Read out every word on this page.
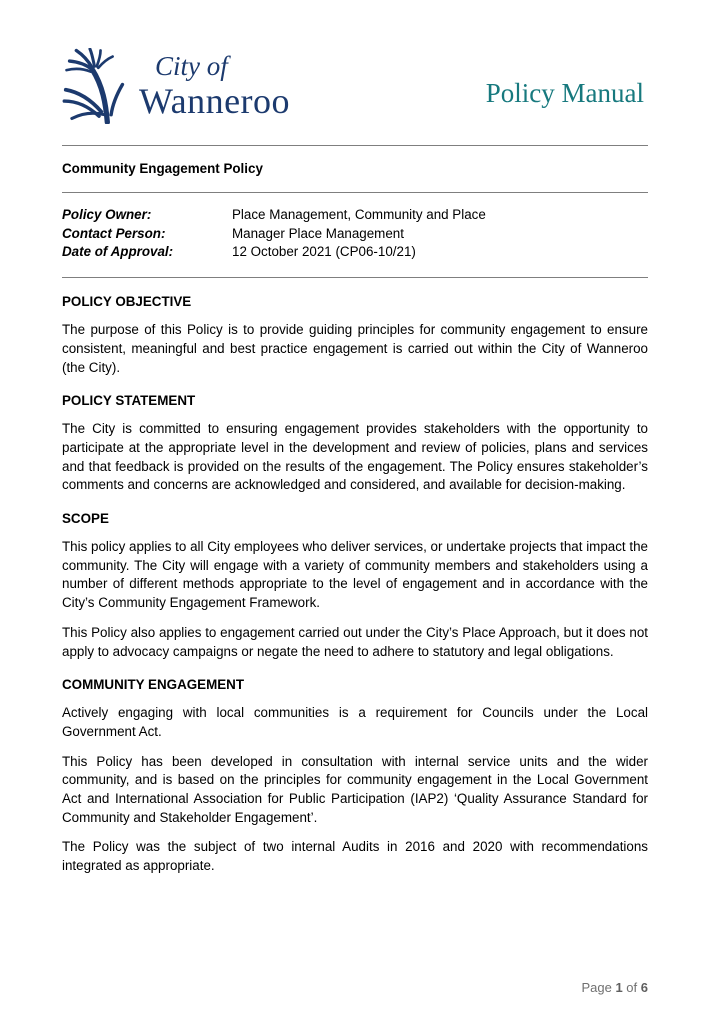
City of
Wanneroo	Policy Manual
Community Engagement Policy
Policy Owner:	Place Management, Community and Place
Contact Person:	Manager Place Management
Date of Approval:	12 October 2021 (CP06-10/21)
POLICY OBJECTIVE

The purpose of this Policy is to provide guiding principles for community engagement to ensure consistent, meaningful and best practice engagement is carried out within the City of Wanneroo (the City).

POLICY STATEMENT

The City is committed to ensuring engagement provides stakeholders with the opportunity to participate at the appropriate level in the development and review of policies, plans and services and that feedback is provided on the results of the engagement. The Policy ensures stakeholder’s comments and concerns are acknowledged and considered, and available for decision-making.

SCOPE

This policy applies to all City employees who deliver services, or undertake projects that impact the community. The City will engage with a variety of community members and stakeholders using a number of different methods appropriate to the level of engagement and in accordance with the City’s Community Engagement Framework.

This Policy also applies to engagement carried out under the City’s Place Approach, but it does not apply to advocacy campaigns or negate the need to adhere to statutory and legal obligations.

COMMUNITY ENGAGEMENT

Actively engaging with local communities is a requirement for Councils under the Local Government Act.

This Policy has been developed in consultation with internal service units and the wider community, and is based on the principles for community engagement in the Local Government Act and International Association for Public Participation (IAP2) ‘Quality Assurance Standard for Community and Stakeholder Engagement’.

The Policy was the subject of two internal Audits in 2016 and 2020 with recommendations integrated as appropriate.

Page 1 of 6
